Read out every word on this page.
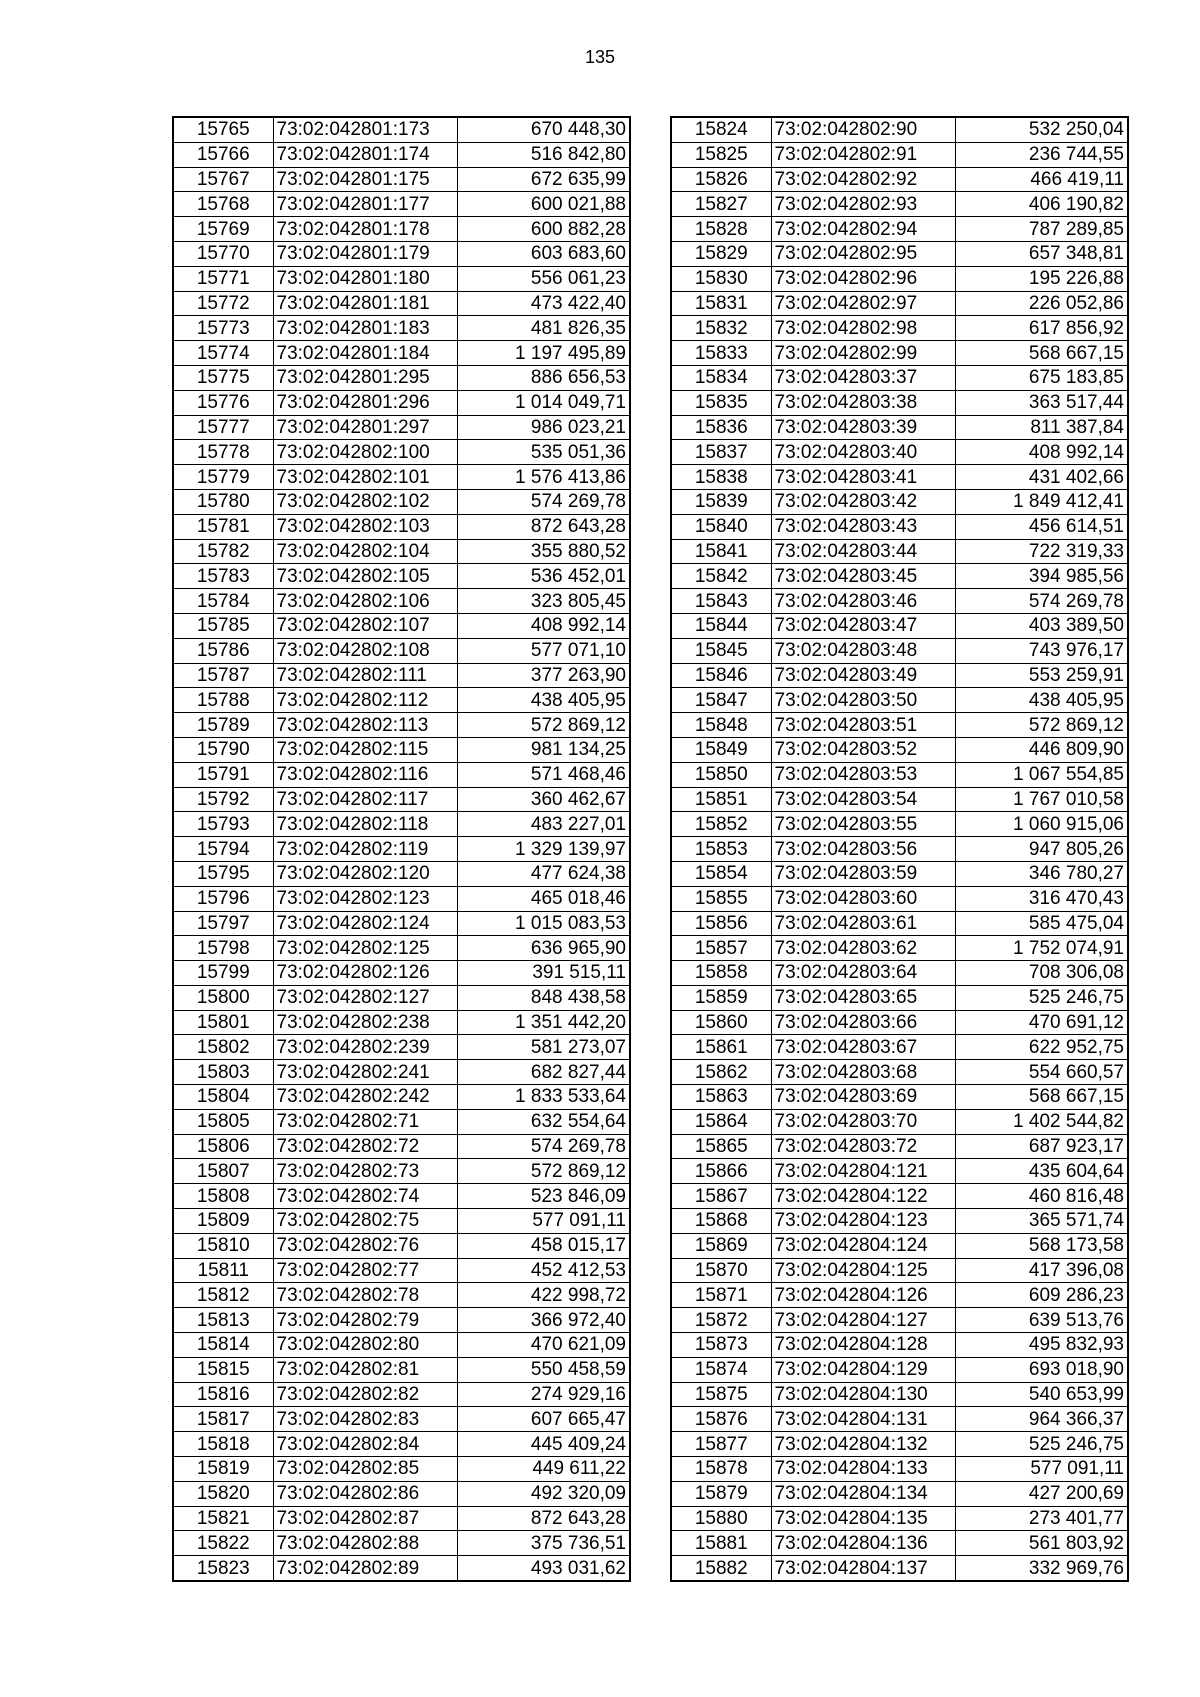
135
15765	73:02:042801:173	670 448,30
15766	73:02:042801:174	516 842,80
15767	73:02:042801:175	672 635,99
15768	73:02:042801:177	600 021,88
15769	73:02:042801:178	600 882,28
15770	73:02:042801:179	603 683,60
15771	73:02:042801:180	556 061,23
15772	73:02:042801:181	473 422,40
15773	73:02:042801:183	481 826,35
15774	73:02:042801:184	1 197 495,89
15775	73:02:042801:295	886 656,53
15776	73:02:042801:296	1 014 049,71
15777	73:02:042801:297	986 023,21
15778	73:02:042802:100	535 051,36
15779	73:02:042802:101	1 576 413,86
15780	73:02:042802:102	574 269,78
15781	73:02:042802:103	872 643,28
15782	73:02:042802:104	355 880,52
15783	73:02:042802:105	536 452,01
15784	73:02:042802:106	323 805,45
15785	73:02:042802:107	408 992,14
15786	73:02:042802:108	577 071,10
15787	73:02:042802:111	377 263,90
15788	73:02:042802:112	438 405,95
15789	73:02:042802:113	572 869,12
15790	73:02:042802:115	981 134,25
15791	73:02:042802:116	571 468,46
15792	73:02:042802:117	360 462,67
15793	73:02:042802:118	483 227,01
15794	73:02:042802:119	1 329 139,97
15795	73:02:042802:120	477 624,38
15796	73:02:042802:123	465 018,46
15797	73:02:042802:124	1 015 083,53
15798	73:02:042802:125	636 965,90
15799	73:02:042802:126	391 515,11
15800	73:02:042802:127	848 438,58
15801	73:02:042802:238	1 351 442,20
15802	73:02:042802:239	581 273,07
15803	73:02:042802:241	682 827,44
15804	73:02:042802:242	1 833 533,64
15805	73:02:042802:71	632 554,64
15806	73:02:042802:72	574 269,78
15807	73:02:042802:73	572 869,12
15808	73:02:042802:74	523 846,09
15809	73:02:042802:75	577 091,11
15810	73:02:042802:76	458 015,17
15811	73:02:042802:77	452 412,53
15812	73:02:042802:78	422 998,72
15813	73:02:042802:79	366 972,40
15814	73:02:042802:80	470 621,09
15815	73:02:042802:81	550 458,59
15816	73:02:042802:82	274 929,16
15817	73:02:042802:83	607 665,47
15818	73:02:042802:84	445 409,24
15819	73:02:042802:85	449 611,22
15820	73:02:042802:86	492 320,09
15821	73:02:042802:87	872 643,28
15822	73:02:042802:88	375 736,51
15823	73:02:042802:89	493 031,62
15824	73:02:042802:90	532 250,04
15825	73:02:042802:91	236 744,55
15826	73:02:042802:92	466 419,11
15827	73:02:042802:93	406 190,82
15828	73:02:042802:94	787 289,85
15829	73:02:042802:95	657 348,81
15830	73:02:042802:96	195 226,88
15831	73:02:042802:97	226 052,86
15832	73:02:042802:98	617 856,92
15833	73:02:042802:99	568 667,15
15834	73:02:042803:37	675 183,85
15835	73:02:042803:38	363 517,44
15836	73:02:042803:39	811 387,84
15837	73:02:042803:40	408 992,14
15838	73:02:042803:41	431 402,66
15839	73:02:042803:42	1 849 412,41
15840	73:02:042803:43	456 614,51
15841	73:02:042803:44	722 319,33
15842	73:02:042803:45	394 985,56
15843	73:02:042803:46	574 269,78
15844	73:02:042803:47	403 389,50
15845	73:02:042803:48	743 976,17
15846	73:02:042803:49	553 259,91
15847	73:02:042803:50	438 405,95
15848	73:02:042803:51	572 869,12
15849	73:02:042803:52	446 809,90
15850	73:02:042803:53	1 067 554,85
15851	73:02:042803:54	1 767 010,58
15852	73:02:042803:55	1 060 915,06
15853	73:02:042803:56	947 805,26
15854	73:02:042803:59	346 780,27
15855	73:02:042803:60	316 470,43
15856	73:02:042803:61	585 475,04
15857	73:02:042803:62	1 752 074,91
15858	73:02:042803:64	708 306,08
15859	73:02:042803:65	525 246,75
15860	73:02:042803:66	470 691,12
15861	73:02:042803:67	622 952,75
15862	73:02:042803:68	554 660,57
15863	73:02:042803:69	568 667,15
15864	73:02:042803:70	1 402 544,82
15865	73:02:042803:72	687 923,17
15866	73:02:042804:121	435 604,64
15867	73:02:042804:122	460 816,48
15868	73:02:042804:123	365 571,74
15869	73:02:042804:124	568 173,58
15870	73:02:042804:125	417 396,08
15871	73:02:042804:126	609 286,23
15872	73:02:042804:127	639 513,76
15873	73:02:042804:128	495 832,93
15874	73:02:042804:129	693 018,90
15875	73:02:042804:130	540 653,99
15876	73:02:042804:131	964 366,37
15877	73:02:042804:132	525 246,75
15878	73:02:042804:133	577 091,11
15879	73:02:042804:134	427 200,69
15880	73:02:042804:135	273 401,77
15881	73:02:042804:136	561 803,92
15882	73:02:042804:137	332 969,76
